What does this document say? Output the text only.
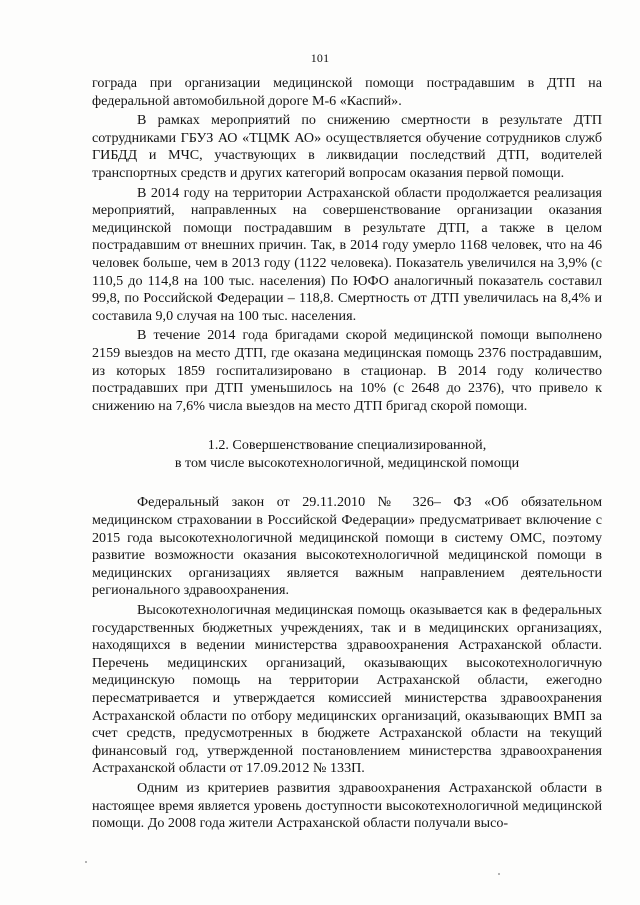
101

гограда при организации медицинской помощи пострадавшим в ДТП на федеральной автомобильной дороге М-6 «Каспий».

В рамках мероприятий по снижению смертности в результате ДТП сотрудниками ГБУЗ АО «ТЦМК АО» осуществляется обучение сотрудников служб ГИБДД и МЧС, участвующих в ликвидации последствий ДТП, водителей транспортных средств и других категорий вопросам оказания первой помощи.

В 2014 году на территории Астраханской области продолжается реализация мероприятий, направленных на совершенствование организации оказания медицинской помощи пострадавшим в результате ДТП, а также в целом пострадавшим от внешних причин. Так, в 2014 году умерло 1168 человек, что на 46 человек больше, чем в 2013 году (1122 человека). Показатель увеличился на 3,9% (с 110,5 до 114,8 на 100 тыс. населения) По ЮФО аналогичный показатель составил 99,8, по Российской Федерации – 118,8. Смертность от ДТП увеличилась на 8,4% и составила 9,0 случая на 100 тыс. населения.

В течение 2014 года бригадами скорой медицинской помощи выполнено 2159 выездов на место ДТП, где оказана медицинская помощь 2376 пострадавшим, из которых 1859 госпитализировано в стационар. В 2014 году количество пострадавших при ДТП уменьшилось на 10% (с 2648 до 2376), что привело к снижению на 7,6% числа выездов на место ДТП бригад скорой помощи.

1.2. Совершенствование специализированной,
в том числе высокотехнологичной, медицинской помощи

Федеральный закон от 29.11.2010 № 326– ФЗ «Об обязательном медицинском страховании в Российской Федерации» предусматривает включение с 2015 года высокотехнологичной медицинской помощи в систему ОМС, поэтому развитие возможности оказания высокотехнологичной медицинской помощи в медицинских организациях является важным направлением деятельности регионального здравоохранения.

Высокотехнологичная медицинская помощь оказывается как в федеральных государственных бюджетных учреждениях, так и в медицинских организациях, находящихся в ведении министерства здравоохранения Астраханской области. Перечень медицинских организаций, оказывающих высокотехнологичную медицинскую помощь на территории Астраханской области, ежегодно пересматривается и утверждается комиссией министерства здравоохранения Астраханской области по отбору медицинских организаций, оказывающих ВМП за счет средств, предусмотренных в бюджете Астраханской области на текущий финансовый год, утвержденной постановлением министерства здравоохранения Астраханской области от 17.09.2012 № 133П.

Одним из критериев развития здравоохранения Астраханской области в настоящее время является уровень доступности высокотехнологичной медицинской помощи. До 2008 года жители Астраханской области получали высо-
